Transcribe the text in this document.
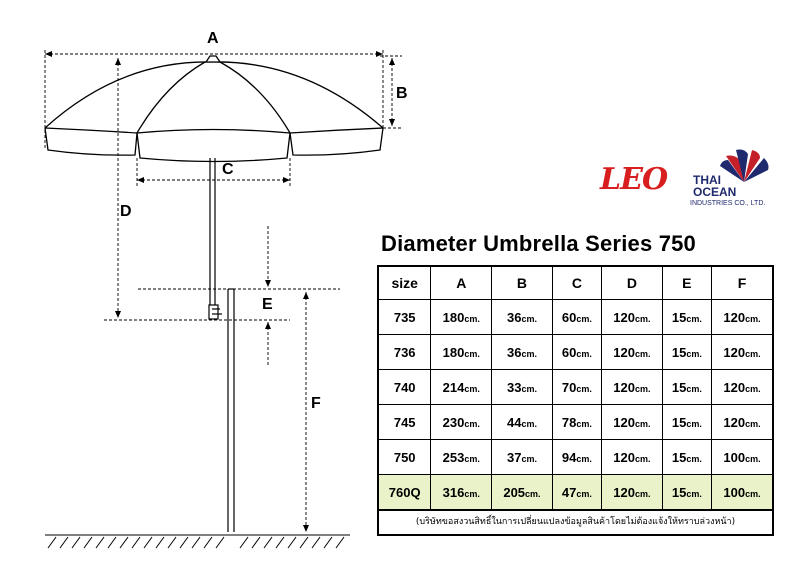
A
B
C
D
E
F
LEO THAI
OCEAN
INDUSTRIES CO., LTD.
Diameter Umbrella Series 750
size	A	B	C	D	E	F
735	180cm.	36cm.	60cm.	120cm.	15cm.	120cm.
736	180cm.	36cm.	60cm.	120cm.	15cm.	120cm.
740	214cm.	33cm.	70cm.	120cm.	15cm.	120cm.
745	230cm.	44cm.	78cm.	120cm.	15cm.	120cm.
750	253cm.	37cm.	94cm.	120cm.	15cm.	100cm.
760Q	316cm.	205cm.	47cm.	120cm.	15cm.	100cm.
(บริษัทขอสงวนสิทธิ์ในการเปลี่ยนแปลงข้อมูลสินค้าโดยไม่ต้องแจ้งให้ทราบล่วงหน้า)
